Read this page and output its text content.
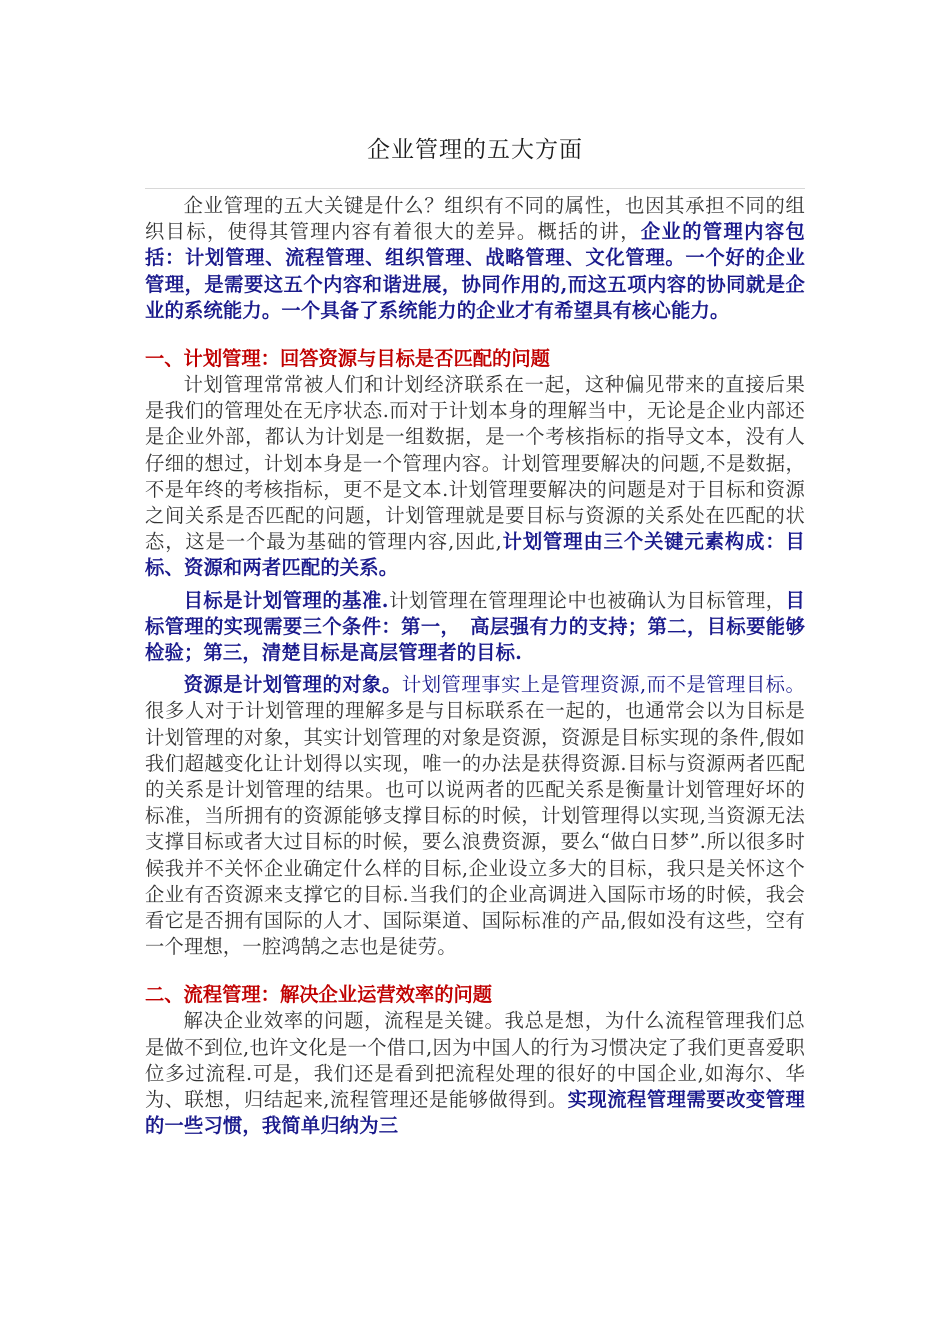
企业管理的五大方面

企业管理的五大关键是什么？组织有不同的属性，也因其承担不同的组织目标，使得其管理内容有着很大的差异。概括的讲，企业的管理内容包括：计划管理、流程管理、组织管理、战略管理、文化管理。一个好的企业管理，是需要这五个内容和谐进展，协同作用的,而这五项内容的协同就是企业的系统能力。一个具备了系统能力的企业才有希望具有核心能力。

一、计划管理：回答资源与目标是否匹配的问题

计划管理常常被人们和计划经济联系在一起，这种偏见带来的直接后果是我们的管理处在无序状态.而对于计划本身的理解当中，无论是企业内部还是企业外部，都认为计划是一组数据，是一个考核指标的指导文本，没有人仔细的想过，计划本身是一个管理内容。计划管理要解决的问题,不是数据，不是年终的考核指标，更不是文本.计划管理要解决的问题是对于目标和资源之间关系是否匹配的问题，计划管理就是要目标与资源的关系处在匹配的状态，这是一个最为基础的管理内容,因此,计划管理由三个关键元素构成：目标、资源和两者匹配的关系。

目标是计划管理的基准.计划管理在管理理论中也被确认为目标管理，目标管理的实现需要三个条件：第一，　高层强有力的支持；第二，目标要能够检验；第三，清楚目标是高层管理者的目标.

资源是计划管理的对象。计划管理事实上是管理资源,而不是管理目标。很多人对于计划管理的理解多是与目标联系在一起的，也通常会以为目标是计划管理的对象，其实计划管理的对象是资源，资源是目标实现的条件,假如我们超越变化让计划得以实现，唯一的办法是获得资源.目标与资源两者匹配的关系是计划管理的结果。也可以说两者的匹配关系是衡量计划管理好坏的标准，当所拥有的资源能够支撑目标的时候，计划管理得以实现,当资源无法支撑目标或者大过目标的时候，要么浪费资源，要么“做白日梦”.所以很多时候我并不关怀企业确定什么样的目标,企业设立多大的目标，我只是关怀这个企业有否资源来支撑它的目标.当我们的企业高调进入国际市场的时候，我会看它是否拥有国际的人才、国际渠道、国际标准的产品,假如没有这些，空有一个理想，一腔鸿鹄之志也是徒劳。

二、流程管理：解决企业运营效率的问题

解决企业效率的问题，流程是关键。我总是想，为什么流程管理我们总是做不到位,也许文化是一个借口,因为中国人的行为习惯决定了我们更喜爱职位多过流程.可是，我们还是看到把流程处理的很好的中国企业,如海尔、华为、联想，归结起来,流程管理还是能够做得到。实现流程管理需要改变管理的一些习惯，我简单归纳为三
